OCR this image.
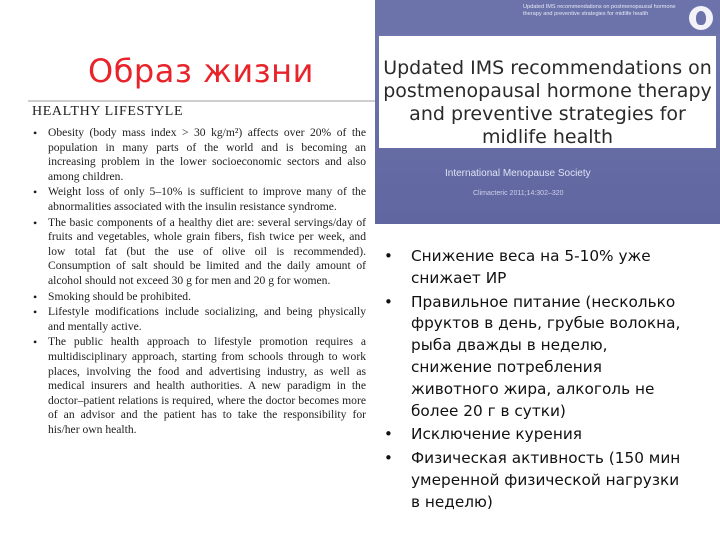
Образ жизни
HEALTHY LIFESTYLE
• Obesity (body mass index > 30 kg/m²) affects over 20% of the population in many parts of the world and is becoming an increasing problem in the lower socioeconomic sectors and also among children.
• Weight loss of only 5–10% is sufficient to improve many of the abnormalities associated with the insulin resistance syndrome.
• The basic components of a healthy diet are: several servings/day of fruits and vegetables, whole grain fibers, fish twice per week, and low total fat (but the use of olive oil is recommended). Consumption of salt should be limited and the daily amount of alcohol should not exceed 30 g for men and 20 g for women.
• Smoking should be prohibited.
• Lifestyle modifications include socializing, and being physically and mentally active.
• The public health approach to lifestyle promotion requires a multidisciplinary approach, starting from schools through to work places, involving the food and advertising industry, as well as medical insurers and health authorities. A new paradigm in the doctor–patient relations is required, where the doctor becomes more of an advisor and the patient has to take the responsibility for his/her own health.
Updated IMS recommendations on postmenopausal hormone therapy and preventive strategies for midlife health
Updated IMS recommendations on postmenopausal hormone therapy and preventive strategies for midlife health
International Menopause Society
Climacteric 2011;14:302–320
• Снижение веса на 5-10% уже снижает ИР
• Правильное питание (несколько фруктов в день, грубые волокна, рыба дважды в неделю, снижение потребления животного жира, алкоголь не более 20 г в сутки)
• Исключение курения
• Физическая активность (150 мин умеренной физической нагрузки в неделю)
